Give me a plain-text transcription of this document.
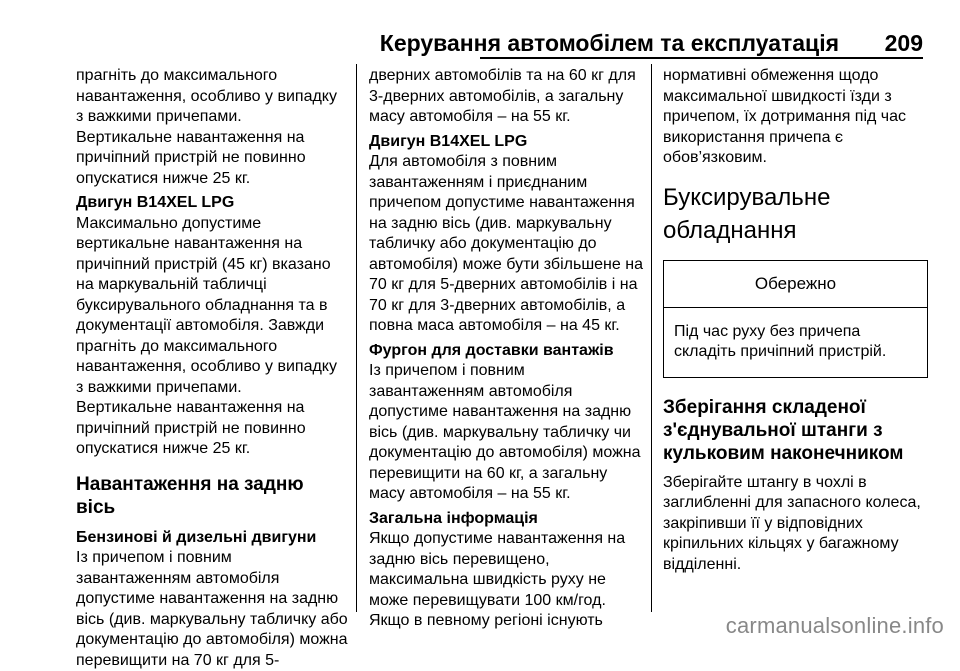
Керування автомобілем та експлуатація 209

прагніть до максимального навантаження, особливо у випадку з важкими причепами.

Вертикальне навантаження на причіпний пристрій не повинно опускатися нижче 25 кг.

Двигун B14XEL LPG

Максимально допустиме вертикальне навантаження на причіпний пристрій (45 кг) вказано на маркувальній табличці буксирувального обладнання та в документації автомобіля. Завжди прагніть до максимального навантаження, особливо у випадку з важкими причепами.

Вертикальне навантаження на причіпний пристрій не повинно опускатися нижче 25 кг.

Навантаження на задню вісь

Бензинові й дизельні двигуни

Із причепом і повним завантаженням автомобіля допустиме навантаження на задню вісь (див. маркувальну табличку або документацію до автомобіля) можна перевищити на 70 кг для 5-

дверних автомобілів та на 60 кг для 3-дверних автомобілів, а загальну масу автомобіля – на 55 кг.

Двигун B14XEL LPG

Для автомобіля з повним завантаженням і приєднаним причепом допустиме навантаження на задню вісь (див. маркувальну табличку або документацію до автомобіля) може бути збільшене на 70 кг для 5-дверних автомобілів і на 70 кг для 3-дверних автомобілів, а повна маса автомобіля – на 45 кг.

Фургон для доставки вантажів

Із причепом і повним завантаженням автомобіля допустиме навантаження на задню вісь (див. маркувальну табличку чи документацію до автомобіля) можна перевищити на 60 кг, а загальну масу автомобіля – на 55 кг.

Загальна інформація

Якщо допустиме навантаження на задню вісь перевищено, максимальна швидкість руху не може перевищувати 100 км/год. Якщо в певному регіоні існують

нормативні обмеження щодо максимальної швидкості їзди з причепом, їх дотримання під час використання причепа є обов’язковим.

Буксирувальне обладнання
Обережно
Під час руху без причепа складіть причіпний пристрій.
Зберігання складеної з'єднувальної штанги з кульковим наконечником

Зберігайте штангу в чохлі в заглибленні для запасного колеса, закріпивши її у відповідних кріпильних кільцях у багажному відділенні.

carmanualsonline.info
